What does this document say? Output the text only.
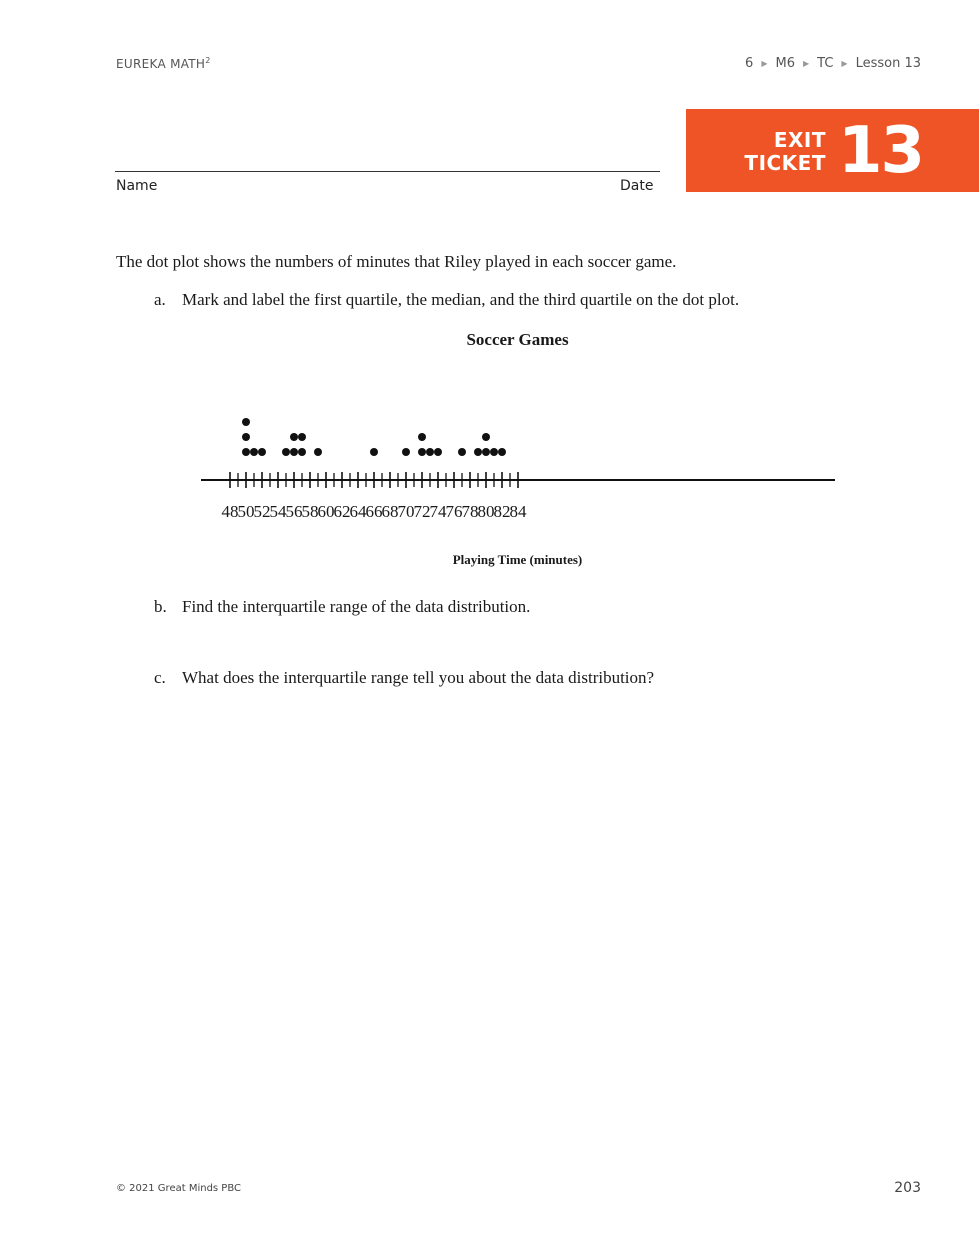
EUREKA MATH$^2$	6 ▶ M6 ▶ TC ▶ Lesson 13
Name	Date
EXIT
TICKET 13
The dot plot shows the numbers of minutes that Riley played in each soccer game.
a. Mark and label the first quartile, the median, and the third quartile on the dot plot.
Soccer Games
48 50 52 54 56 58 60 62 64 66 68 70 72 74 76 78 80 82 84
Playing Time (minutes)
b. Find the interquartile range of the data distribution.
c. What does the interquartile range tell you about the data distribution?
© 2021 Great Minds PBC	203
